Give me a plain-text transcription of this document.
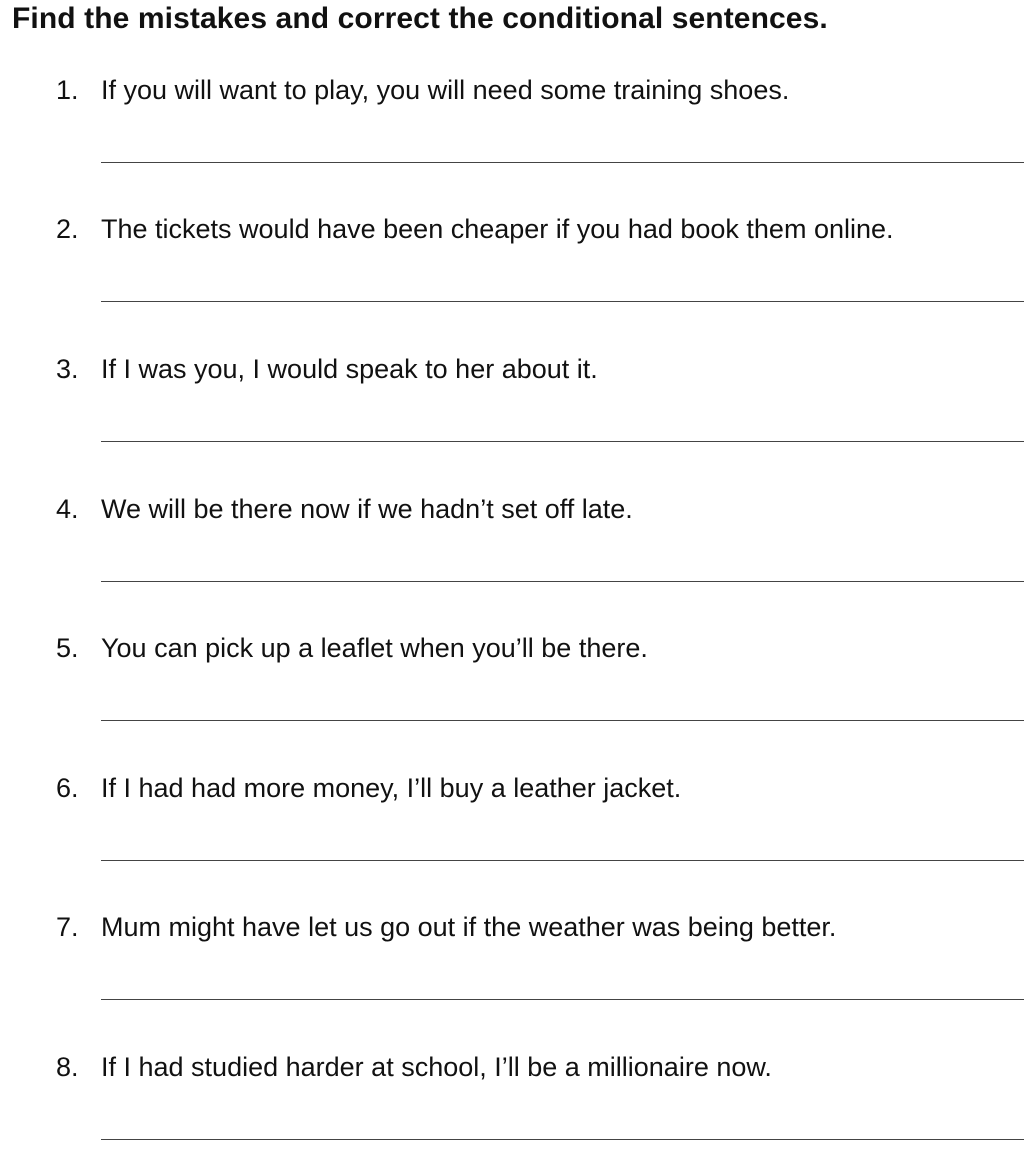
Find the mistakes and correct the conditional sentences.
1. If you will want to play, you will need some training shoes.
2. The tickets would have been cheaper if you had book them online.
3. If I was you, I would speak to her about it.
4. We will be there now if we hadn’t set off late.
5. You can pick up a leaflet when you’ll be there.
6. If I had had more money, I’ll buy a leather jacket.
7. Mum might have let us go out if the weather was being better.
8. If I had studied harder at school, I’ll be a millionaire now.
